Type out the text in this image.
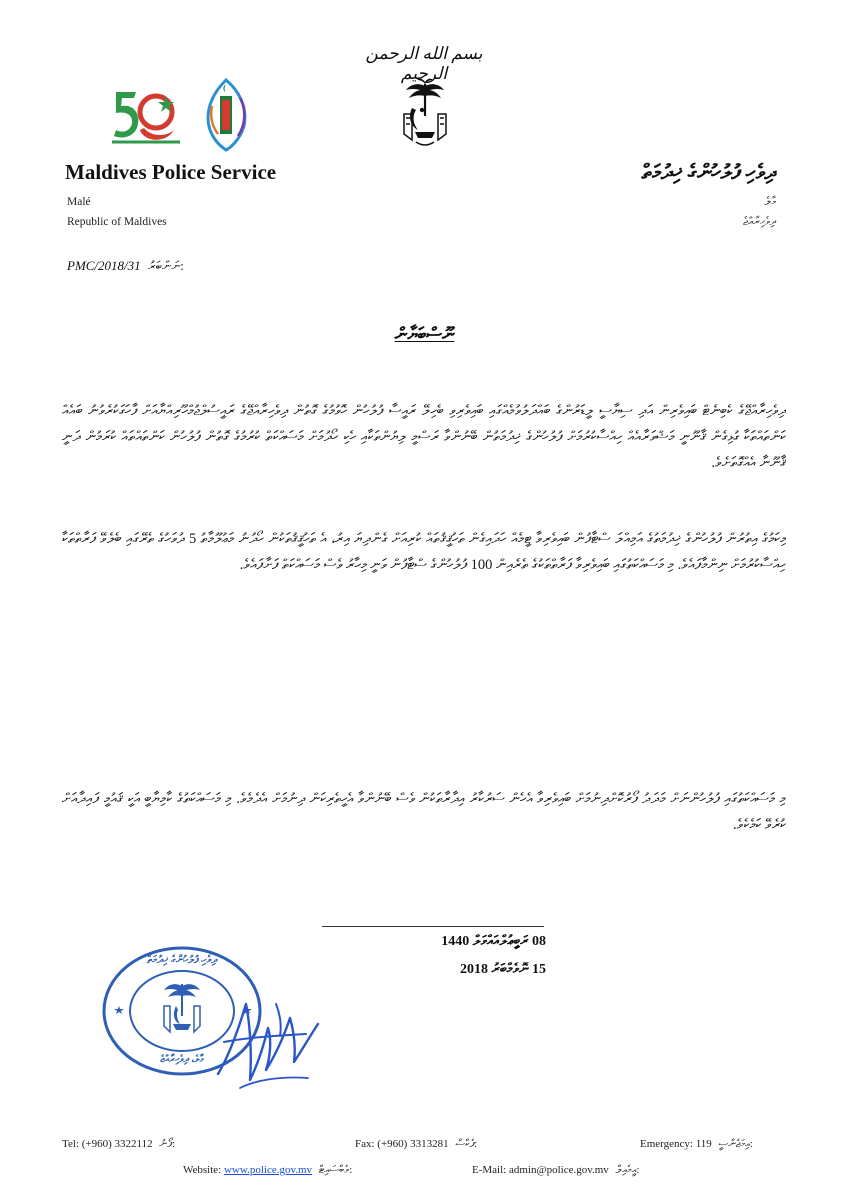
بسم الله الرحمن الرحيم
Maldives Police Service
Malé
Republic of Maldives
ދިވެހި ފުލުހުންގެ ޚިދުމަތް
މާލެ
ދިވެހިރާއްޖެ
PMC/2018/31 ނަންބަރު:
ނޫސްބަޔާން
ދިވެހިރާއްޖޭގެ ކެބިނެޓް ބައިވެރިން އަދި ސިޔާސީ ލީޑަރުންގެ ބައްދަލުވުމެއްގައި ބައިވެރިވި ބެހިލޭ ރައީސާ ފުލުހުން ހޮވުމުގެ ގޮތުން ދިވެހިރާއްޖޭގެ ރައީސުލްޖުމްހޫރިއްޔާއަށް ފާހަގަކުރެވުނު ބައެއް ކަންތައްތަކާ ގުޅިގެން ޤާނޫނީ މަޝްވަރާއެއް ހިއްސާކުރުމަށް ފުލުހުންގެ ޚިދުމަތުން ބޭނުންވާ ރަސްމީ ލިޔުންތަކާއި ހެކި ހޯދުމަށް މަސައްކަތް ކުރުމުގެ ގޮތުން ފުލުހުން ކަންތައްތައް ކުރަމުން ދަނީ ޤާނޫނާ އެއްގޮތަށެވެ.
މިކަމުގެ އިތުރުން ފުލުހުންގެ ޚިދުމަތުގެ އަމިއްލަ ސްޓާފުން ބައިވެރިވާ ޓީމެއް ހަދައިގެން ތަހުޤީޤުތައް ކުރިއަށް ގެންދިޔަ އިރު، އެ ތަހުޤީޤުތަކުން ހޯދުނު މަޢުލޫމާތު 5 ދުވަހުގެ ތެރޭގައި ބެލެވޭ ފަރާތްތަކާ ހިއްސާކުރުމަށް ނިންމާފައެވެ. މި މަސައްކަތުގައި ބައިވެރިވާ ފަރާތްތަކުގެ ތެރެއިން 100 ފުލުހުންގެ ސްޓާފުން ވަނީ މިހާރު ވެސް މަސައްކަތް ފަށާފައެވެ.
މި މަސައްކަތުގައި ފުލުހުންނަށް މަދަދު ފޯރުކޮށްދިނުމަށް ބައިވެރިވާ އެހެން ސަރުކާރު އިދާރާތަކުން ވެސް ބޭނުންވާ އެހީތެރިކަން ދިނުމަށް އެދެމެވެ. މި މަސައްކަތުގެ ކާމިޔާބީ އަކީ ޤައުމީ ފައިދާއަށް ކުރެވޭ ކަމެކެވެ.
08 ރަބީޢުލްއައްވަލް 1440
15 ނޮވެމްބަރު 2018
ދިވެހި ފުލުހުންގެ ޚިދުމަތް
މާލެ، ދިވެހިރާއްޖެ
Tel: (+960) 3322112 ފޯނު:	Fax: (+960) 3313281 ފެކްސް:	Emergency: 119 އިމަޖެންސީ:
Website: www.police.gov.mv ވެބްސައިޓް:	E-Mail: admin@police.gov.mv އީމެއިލް:
